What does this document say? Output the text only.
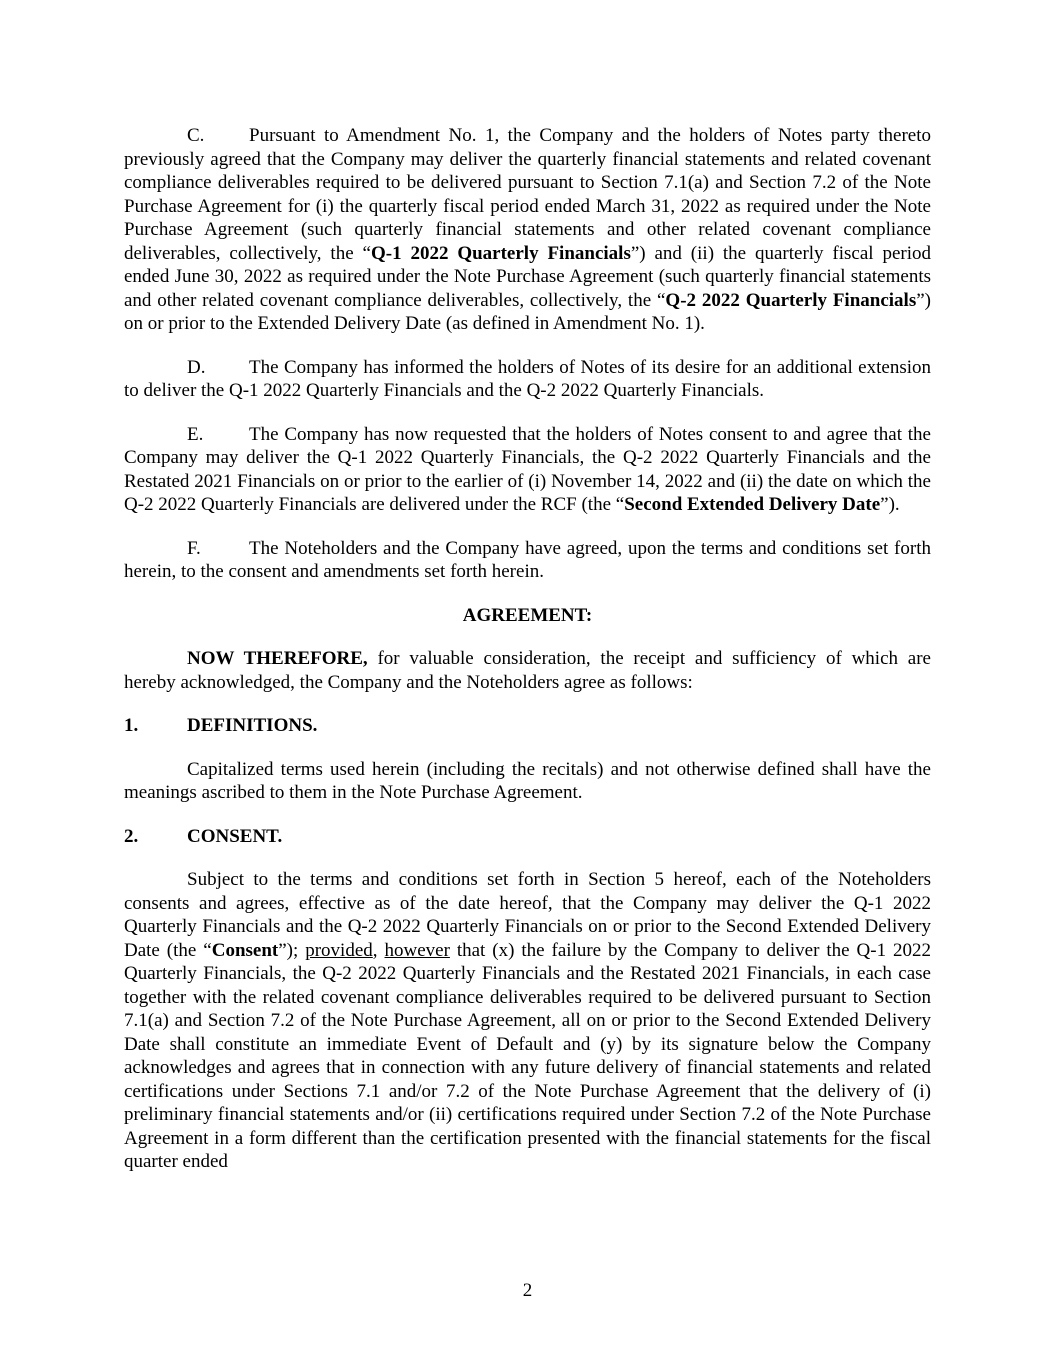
C. Pursuant to Amendment No. 1, the Company and the holders of Notes party thereto previously agreed that the Company may deliver the quarterly financial statements and related covenant compliance deliverables required to be delivered pursuant to Section 7.1(a) and Section 7.2 of the Note Purchase Agreement for (i) the quarterly fiscal period ended March 31, 2022 as required under the Note Purchase Agreement (such quarterly financial statements and other related covenant compliance deliverables, collectively, the “Q-1 2022 Quarterly Financials”) and (ii) the quarterly fiscal period ended June 30, 2022 as required under the Note Purchase Agreement (such quarterly financial statements and other related covenant compliance deliverables, collectively, the “Q-2 2022 Quarterly Financials”) on or prior to the Extended Delivery Date (as defined in Amendment No. 1).

D. The Company has informed the holders of Notes of its desire for an additional extension to deliver the Q-1 2022 Quarterly Financials and the Q-2 2022 Quarterly Financials.

E. The Company has now requested that the holders of Notes consent to and agree that the Company may deliver the Q-1 2022 Quarterly Financials, the Q-2 2022 Quarterly Financials and the Restated 2021 Financials on or prior to the earlier of (i) November 14, 2022 and (ii) the date on which the Q-2 2022 Quarterly Financials are delivered under the RCF (the “Second Extended Delivery Date”).

F.	The Noteholders and the Company have agreed, upon the terms and conditions set forth herein, to the consent and amendments set forth herein.

AGREEMENT:

NOW THEREFORE, for valuable consideration, the receipt and sufficiency of which are hereby acknowledged, the Company and the Noteholders agree as follows:

1.	DEFINITIONS.

Capitalized terms used herein (including the recitals) and not otherwise defined shall have the meanings ascribed to them in the Note Purchase Agreement.

2.	CONSENT.

Subject to the terms and conditions set forth in Section 5 hereof, each of the Noteholders consents and agrees, effective as of the date hereof, that the Company may deliver the Q-1 2022 Quarterly Financials and the Q-2 2022 Quarterly Financials on or prior to the Second Extended Delivery Date (the “Consent”); provided, however that (x) the failure by the Company to deliver the Q-1 2022 Quarterly Financials, the Q-2 2022 Quarterly Financials and the Restated 2021 Financials, in each case together with the related covenant compliance deliverables required to be delivered pursuant to Section 7.1(a) and Section 7.2 of the Note Purchase Agreement, all on or prior to the Second Extended Delivery Date shall constitute an immediate Event of Default and (y) by its signature below the Company acknowledges and agrees that in connection with any future delivery of financial statements and related certifications under Sections 7.1 and/or 7.2 of the Note Purchase Agreement that the delivery of (i) preliminary financial statements and/or (ii) certifications required under Section 7.2 of the Note Purchase Agreement in a form different than the certification presented with the financial statements for the fiscal quarter ended

2
